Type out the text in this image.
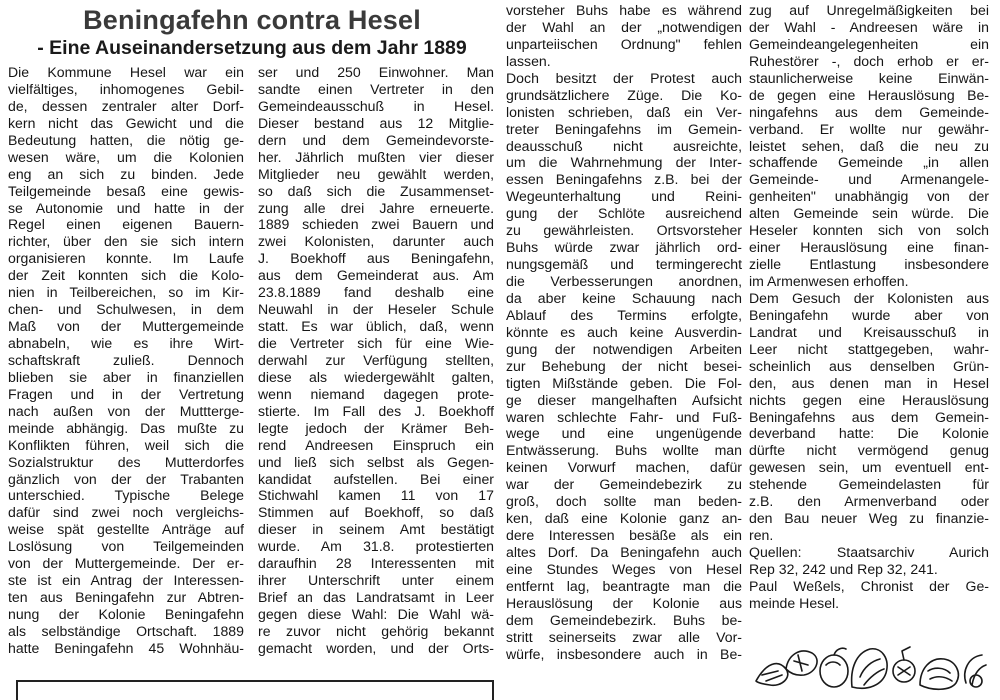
Beningafehn contra Hesel
- Eine Auseinandersetzung aus dem Jahr 1889
Die Kommune Hesel war ein
vielfältiges, inhomogenes Gebil-
de, dessen zentraler alter Dorf-
kern nicht das Gewicht und die
Bedeutung hatten, die nötig ge-
wesen wäre, um die Kolonien
eng an sich zu binden. Jede
Teilgemeinde besaß eine gewis-
se Autonomie und hatte in der
Regel einen eigenen Bauern-
richter, über den sie sich intern
organisieren konnte. Im Laufe
der Zeit konnten sich die Kolo-
nien in Teilbereichen, so im Kir-
chen- und Schulwesen, in dem
Maß von der Muttergemeinde
abnabeln, wie es ihre Wirt-
schaftskraft zuließ. Dennoch
blieben sie aber in finanziellen
Fragen und in der Vertretung
nach außen von der Muttterge-
meinde abhängig. Das mußte zu
Konflikten führen, weil sich die
Sozialstruktur des Mutterdorfes
gänzlich von der der Trabanten
unterschied. Typische Belege
dafür sind zwei noch vergleichs-
weise spät gestellte Anträge auf
Loslösung von Teilgemeinden
von der Muttergemeinde. Der er-
ste ist ein Antrag der Interessen-
ten aus Beningafehn zur Abtren-
nung der Kolonie Beningafehn
als selbständige Ortschaft. 1889
hatte Beningafehn 45 Wohnhäu-
ser und 250 Einwohner. Man
sandte einen Vertreter in den
Gemeindeausschuß in Hesel.
Dieser bestand aus 12 Mitglie-
dern und dem Gemeindevorste-
her. Jährlich mußten vier dieser
Mitglieder neu gewählt werden,
so daß sich die Zusammenset-
zung alle drei Jahre erneuerte.
1889 schieden zwei Bauern und
zwei Kolonisten, darunter auch
J. Boekhoff aus Beningafehn,
aus dem Gemeinderat aus. Am
23.8.1889 fand deshalb eine
Neuwahl in der Heseler Schule
statt. Es war üblich, daß, wenn
die Vertreter sich für eine Wie-
derwahl zur Verfügung stellten,
diese als wiedergewählt galten,
wenn niemand dagegen prote-
stierte. Im Fall des J. Boekhoff
legte jedoch der Krämer Beh-
rend Andreesen Einspruch ein
und ließ sich selbst als Gegen-
kandidat aufstellen. Bei einer
Stichwahl kamen 11 von 17
Stimmen auf Boekhoff, so daß
dieser in seinem Amt bestätigt
wurde. Am 31.8. protestierten
daraufhin 28 Interessenten mit
ihrer Unterschrift unter einem
Brief an das Landratsamt in Leer
gegen diese Wahl: Die Wahl wä-
re zuvor nicht gehörig bekannt
gemacht worden, und der Orts-
vorsteher Buhs habe es während
der Wahl an der „notwendigen
unparteiischen Ordnung" fehlen
lassen.
Doch besitzt der Protest auch
grundsätzlichere Züge. Die Ko-
lonisten schrieben, daß ein Ver-
treter Beningafehns im Gemein-
deausschuß nicht ausreichte,
um die Wahrnehmung der Inter-
essen Beningafehns z.B. bei der
Wegeunterhaltung und Reini-
gung der Schlöte ausreichend
zu gewährleisten. Ortsvorsteher
Buhs würde zwar jährlich ord-
nungsgemäß und termingerecht
die Verbesserungen anordnen,
da aber keine Schauung nach
Ablauf des Termins erfolgte,
könnte es auch keine Ausverdin-
gung der notwendigen Arbeiten
zur Behebung der nicht besei-
tigten Mißstände geben. Die Fol-
ge dieser mangelhaften Aufsicht
waren schlechte Fahr- und Fuß-
wege und eine ungenügende
Entwässerung. Buhs wollte man
keinen Vorwurf machen, dafür
war der Gemeindebezirk zu
groß, doch sollte man beden-
ken, daß eine Kolonie ganz an-
dere Interessen besäße als ein
altes Dorf. Da Beningafehn auch
eine Stundes Weges von Hesel
entfernt lag, beantragte man die
Herauslösung der Kolonie aus
dem Gemeindebezirk. Buhs be-
stritt seinerseits zwar alle Vor-
würfe, insbesondere auch in Be-
zug auf Unregelmäßigkeiten bei
der Wahl - Andreesen wäre in
Gemeindeangelegenheiten ein
Ruhestörer -, doch erhob er er-
staunlicherweise keine Einwän-
de gegen eine Herauslösung Be-
ningafehns aus dem Gemeinde-
verband. Er wollte nur gewähr-
leistet sehen, daß die neu zu
schaffende Gemeinde „in allen
Gemeinde- und Armenangele-
genheiten" unabhängig von der
alten Gemeinde sein würde. Die
Heseler konnten sich von solch
einer Herauslösung eine finan-
zielle Entlastung insbesondere
im Armenwesen erhoffen.
Dem Gesuch der Kolonisten aus
Beningafehn wurde aber von
Landrat und Kreisausschuß in
Leer nicht stattgegeben, wahr-
scheinlich aus denselben Grün-
den, aus denen man in Hesel
nichts gegen eine Herauslösung
Beningafehns aus dem Gemein-
deverband hatte: Die Kolonie
dürfte nicht vermögend genug
gewesen sein, um eventuell ent-
stehende Gemeindelasten für
z.B. den Armenverband oder
den Bau neuer Weg zu finanzie-
ren.
Quellen: Staatsarchiv Aurich
Rep 32, 242 und Rep 32, 241.
Paul Weßels, Chronist der Ge-
meinde Hesel.
